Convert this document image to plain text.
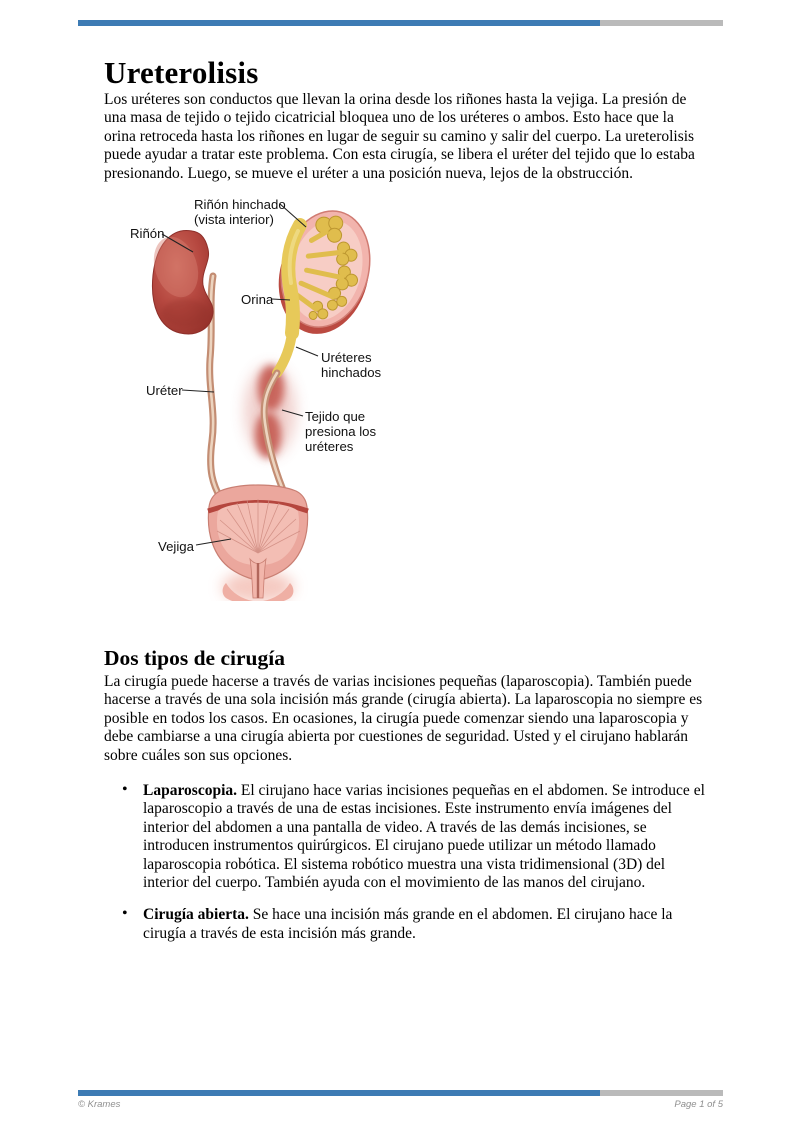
Ureterolisis

Los uréteres son conductos que llevan la orina desde los riñones hasta la vejiga. La presión de una masa de tejido o tejido cicatricial bloquea uno de los uréteres o ambos. Esto hace que la orina retroceda hasta los riñones en lugar de seguir su camino y salir del cuerpo. La ureterolisis puede ayudar a tratar este problema. Con esta cirugía, se libera el uréter del tejido que lo estaba presionando. Luego, se mueve el uréter a una posición nueva, lejos de la obstrucción.

Riñón hinchado
(vista interior)
Riñón
Orina
Uréteres
hinchados
Uréter
Tejido que
presiona los
uréteres
Vejiga
Dos tipos de cirugía

La cirugía puede hacerse a través de varias incisiones pequeñas (laparoscopia). También puede hacerse a través de una sola incisión más grande (cirugía abierta). La laparoscopia no siempre es posible en todos los casos. En ocasiones, la cirugía puede comenzar siendo una laparoscopia y debe cambiarse a una cirugía abierta por cuestiones de seguridad. Usted y el cirujano hablarán sobre cuáles son sus opciones.

• Laparoscopia. El cirujano hace varias incisiones pequeñas en el abdomen. Se introduce el laparoscopio a través de una de estas incisiones. Este instrumento envía imágenes del interior del abdomen a una pantalla de video. A través de las demás incisiones, se introducen instrumentos quirúrgicos. El cirujano puede utilizar un método llamado laparoscopia robótica. El sistema robótico muestra una vista tridimensional (3D) del interior del cuerpo. También ayuda con el movimiento de las manos del cirujano.
• Cirugía abierta. Se hace una incisión más grande en el abdomen. El cirujano hace la cirugía a través de esta incisión más grande.
© Krames	Page 1 of 5
